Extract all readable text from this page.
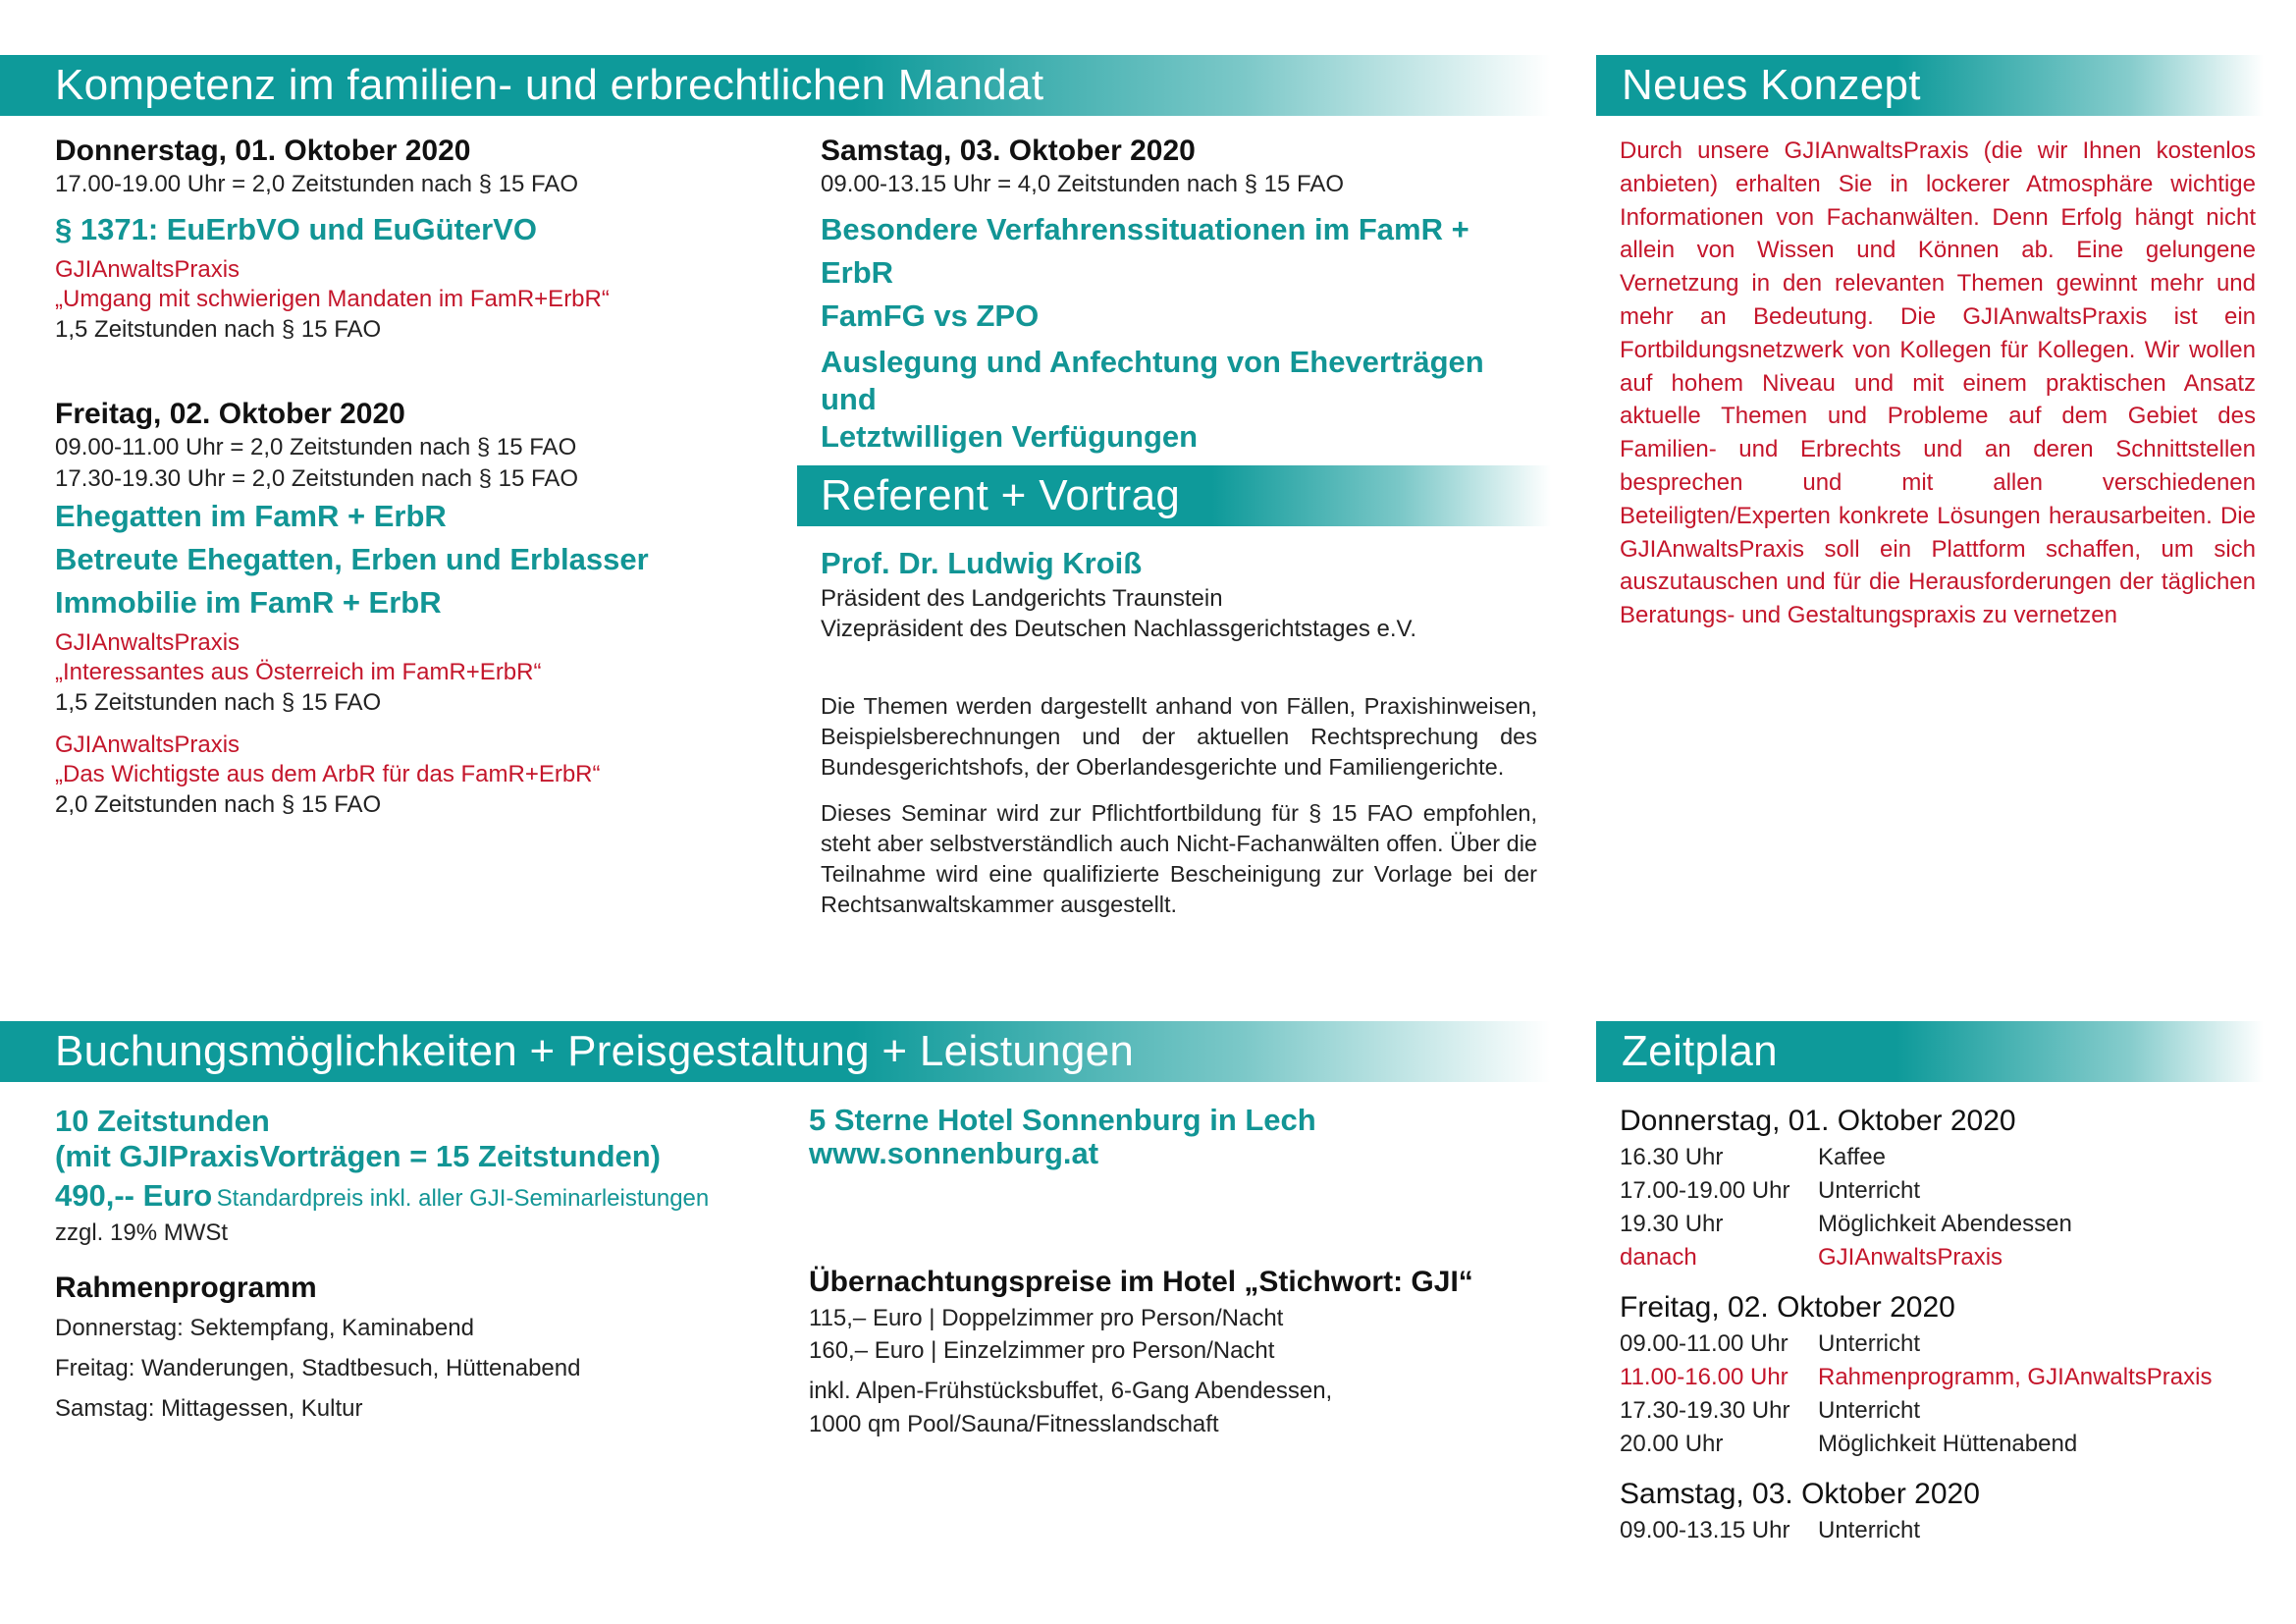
Kompetenz im familien- und erbrechtlichen Mandat	Neues Konzept
Donnerstag, 01. Oktober 2020
17.00-19.00 Uhr = 2,0 Zeitstunden nach § 15 FAO
§ 1371: EuErbVO und EuGüterVO
GJIAnwaltsPraxis
„Umgang mit schwierigen Mandaten im FamR+ErbR“
1,5 Zeitstunden nach § 15 FAO
Freitag, 02. Oktober 2020
09.00-11.00 Uhr = 2,0 Zeitstunden nach § 15 FAO
17.30-19.30 Uhr = 2,0 Zeitstunden nach § 15 FAO
Ehegatten im FamR + ErbR
Betreute Ehegatten, Erben und Erblasser
Immobilie im FamR + ErbR
GJIAnwaltsPraxis
„Interessantes aus Österreich im FamR+ErbR“
1,5 Zeitstunden nach § 15 FAO
GJIAnwaltsPraxis
„Das Wichtigste aus dem ArbR für das FamR+ErbR“
2,0 Zeitstunden nach § 15 FAO
Samstag, 03. Oktober 2020
09.00-13.15 Uhr = 4,0 Zeitstunden nach § 15 FAO
Besondere Verfahrenssituationen im FamR + ErbR
FamFG vs ZPO
Auslegung und Anfechtung von Eheverträgen und
Letztwilligen Verfügungen
Referent + Vortrag
Prof. Dr. Ludwig Kroiß
Präsident des Landgerichts Traunstein
Vizepräsident des Deutschen Nachlassgerichtstages e.V.
Die Themen werden dargestellt anhand von Fällen, Praxishinweisen, Beispielsberechnungen und der aktuellen Rechtsprechung des Bundesgerichtshofs, der Oberlandesgerichte und Familiengerichte.
Dieses Seminar wird zur Pflichtfortbildung für § 15 FAO empfohlen, steht aber selbstverständlich auch Nicht-Fachanwälten offen. Über die Teilnahme wird eine qualifizierte Bescheinigung zur Vorlage bei der Rechtsanwaltskammer ausgestellt.
Durch unsere GJIAnwaltsPraxis (die wir Ihnen kostenlos anbieten) erhalten Sie in lockerer Atmosphäre wichtige Informationen von Fachanwälten. Denn Erfolg hängt nicht allein von Wissen und Können ab. Eine gelungene Vernetzung in den relevanten Themen gewinnt mehr und mehr an Bedeutung. Die GJIAnwaltsPraxis ist ein Fortbildungsnetzwerk von Kollegen für Kollegen. Wir wollen auf hohem Niveau und mit einem praktischen Ansatz aktuelle Themen und Probleme auf dem Gebiet des Familien- und Erbrechts und an deren Schnittstellen besprechen und mit allen verschiedenen Beteiligten/Experten konkrete Lösungen herausarbeiten. Die GJIAnwaltsPraxis soll ein Plattform schaffen, um sich auszutauschen und für die Herausforderungen der täglichen Beratungs- und Gestaltungspraxis zu vernetzen
Buchungsmöglichkeiten + Preisgestaltung + Leistungen	Zeitplan
10 Zeitstunden
(mit GJIPraxisVorträgen = 15 Zeitstunden)
490,-- Euro Standardpreis inkl. aller GJI-Seminarleistungen
zzgl. 19% MWSt
Rahmenprogramm
Donnerstag: Sektempfang, Kaminabend
Freitag: Wanderungen, Stadtbesuch, Hüttenabend
Samstag: Mittagessen, Kultur
5 Sterne Hotel Sonnenburg in Lech
www.sonnenburg.at
Übernachtungspreise im Hotel „Stichwort: GJI“
115,– Euro | Doppelzimmer pro Person/Nacht
160,– Euro | Einzelzimmer pro Person/Nacht
inkl. Alpen-Frühstücksbuffet, 6-Gang Abendessen,
1000 qm Pool/Sauna/Fitnesslandschaft
Donnerstag, 01. Oktober 2020
16.30 Uhr	Kaffee
17.00-19.00 Uhr	Unterricht
19.30 Uhr	Möglichkeit Abendessen
danach	GJIAnwaltsPraxis
Freitag, 02. Oktober 2020
09.00-11.00 Uhr	Unterricht
11.00-16.00 Uhr	Rahmenprogramm, GJIAnwaltsPraxis
17.30-19.30 Uhr	Unterricht
20.00 Uhr	Möglichkeit Hüttenabend
Samstag, 03. Oktober 2020
09.00-13.15 Uhr	Unterricht
